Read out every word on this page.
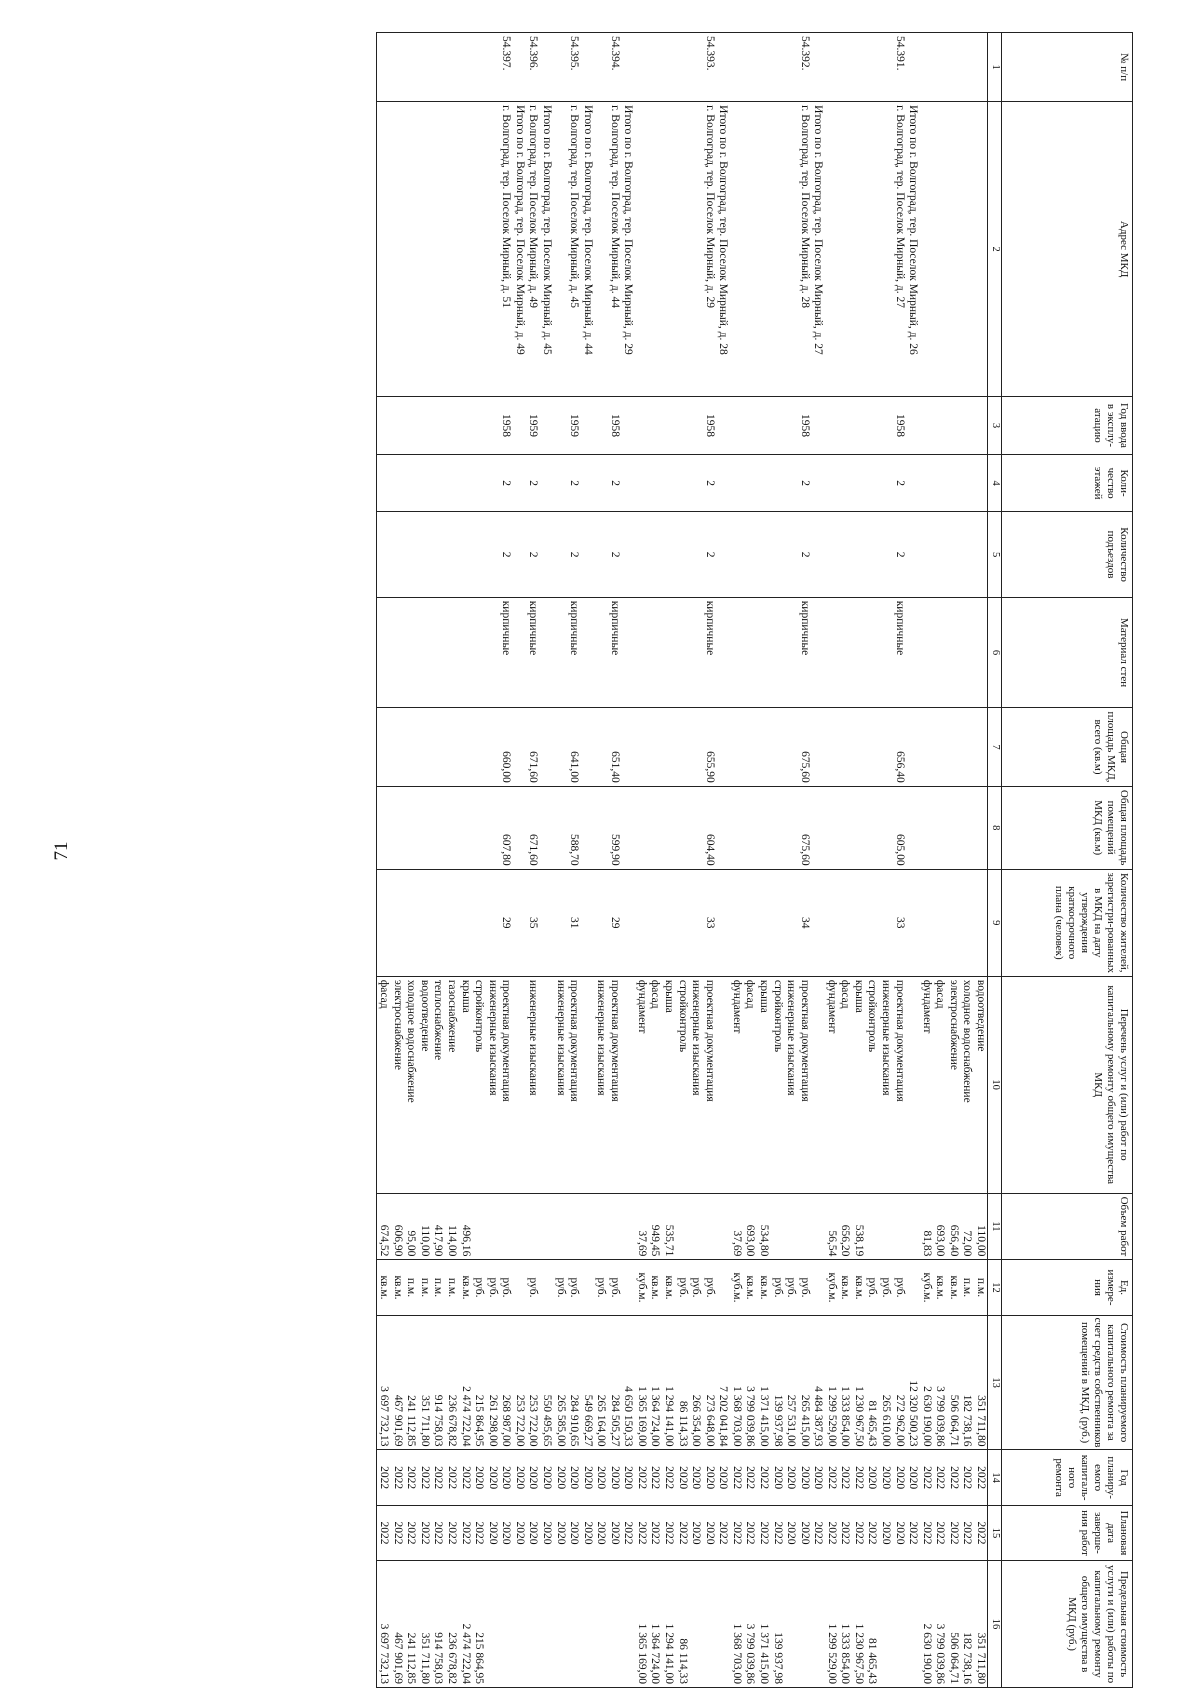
71
№ п/п	Адрес МКД	Год ввода в эксплу-атацию	Коли-чество этажей	Количество подъездов	Материал стен	Общая площадь МКД, всего (кв.м)	Общая площадь помещений МКД (кв.м)	Количество жителей, зарегистри-рованных в МКД на дату утверждения краткосрочного плана (человек)	Перечень услуг и (или) работ по капитальному ремонту общего имущества МКД	Объем работ	Ед. измере-ния	Стоимость планируемого капитального ремонта за счет средств собственников помещений в МКД, (руб.)	Год планиру-емого капиталь-ного ремонта	Плановая дата заверше-ния работ	Предельная стоимость услуги и (или) работы по капитальному ремонту общего имущества в МКД (руб.)
1	2	3	4	5	6	7	8	9	10	11	12	13	14	15	16
									водоотведение	110,00	п.м.	351 711,80	2022	2022	351 711,80
									холодное водоснабжение	72,00	п.м.	182 738,16	2022	2022	182 738,16
									электроснабжение	656,40	кв.м.	506 064,71	2022	2022	506 064,71
									фасад	693,00	кв.м.	3 799 039,86	2022	2022	3 799 039,86
									фундамент	81,83	куб.м.	2 630 190,00	2022	2022	2 630 190,00
	Итого по г. Волгоград, тер. Поселок Мирный, д. 26											12 320 500,23	2020	2022	
54.391.	г. Волгоград, тер. Поселок Мирный, д. 27	1958	2	2	кирпичные	656,40	605,00	33	проектная документация		руб.	272 962,00	2020	2020	
									инженерные изыскания		руб.	265 610,00	2020	2020	
									стройконтроль		руб.	81 465,43	2020	2022	81 465,43
									крыша	538,19	кв.м.	1 230 967,50	2022	2022	1 230 967,50
									фасад	656,20	кв.м.	1 333 854,00	2022	2022	1 333 854,00
									фундамент	56,54	куб.м.	1 299 529,00	2022	2022	1 299 529,00
	Итого по г. Волгоград, тер. Поселок Мирный, д. 27											4 484 387,93	2020	2022	
54.392.	г. Волгоград, тер. Поселок Мирный, д. 28	1958	2	2	кирпичные	675,60	675,60	34	проектная документация		руб.	265 415,00	2020	2020	
									инженерные изыскания		руб.	257 531,00	2020	2020	
									стройконтроль		руб.	139 937,98	2020	2022	139 937,98
									крыша	534,80	кв.м.	1 371 415,00	2022	2022	1 371 415,00
									фасад	693,00	кв.м.	3 799 039,86	2022	2022	3 799 039,86
									фундамент	37,69	куб.м.	1 368 703,00	2022	2022	1 368 703,00
	Итого по г. Волгоград, тер. Поселок Мирный, д. 28											7 202 041,84	2020	2022	
54.393.	г. Волгоград, тер. Поселок Мирный, д. 29	1958	2	2	кирпичные	655,90	604,40	33	проектная документация		руб.	273 648,00	2020	2020	
									инженерные изыскания		руб.	266 354,00	2020	2020	
									стройконтроль		руб.	86 114,33	2020	2022	86 114,33
									крыша	535,71	кв.м.	1 294 141,00	2022	2022	1 294 141,00
									фасад	949,45	кв.м.	1 364 724,00	2022	2022	1 364 724,00
									фундамент	37,69	куб.м.	1 365 169,00	2022	2022	1 365 169,00
	Итого по г. Волгоград, тер. Поселок Мирный, д. 29											4 650 150,33	2020	2022	
54.394.	г. Волгоград, тер. Поселок Мирный, д. 44	1958	2	2	кирпичные	651,40	599,90	29	проектная документация		руб.	284 505,27	2020	2020	
									инженерные изыскания		руб.	265 164,00	2020	2020	
	Итого по г. Волгоград, тер. Поселок Мирный, д. 44											549 669,27	2020	2020	
54.395.	г. Волгоград, тер. Поселок Мирный, д. 45	1959	2	2	кирпичные	641,00	588,70	31	проектная документация		руб.	284 910,65	2020	2020	
									инженерные изыскания		руб.	265 585,00	2020	2020	
	Итого по г. Волгоград, тер. Поселок Мирный, д. 45											550 495,65	2020	2020	
54.396.	г. Волгоград, тер. Поселок Мирный, д. 49	1959	2	2	кирпичные	671,60	671,60	35	инженерные изыскания		руб.	253 722,00	2020	2020	
	Итого по г. Волгоград, тер. Поселок Мирный, д. 49											253 722,00	2020	2020	
54.397.	г. Волгоград, тер. Поселок Мирный, д. 51	1958	2	2	кирпичные	660,00	607,80	29	проектная документация		руб.	268 987,00	2020	2020	
									инженерные изыскания		руб.	261 298,00	2020	2020	
									стройконтроль		руб.	215 864,95	2020	2022	215 864,95
									крыша	496,16	кв.м.	2 474 722,04	2022	2022	2 474 722,04
									газоснабжение	114,00	п.м.	236 678,82	2022	2022	236 678,82
									теплоснабжение	417,90	п.м.	914 758,03	2022	2022	914 758,03
									водоотведение	110,00	п.м.	351 711,80	2022	2022	351 711,80
									холодное водоснабжение	95,00	п.м.	241 112,85	2022	2022	241 112,85
									электроснабжение	606,90	кв.м.	467 901,69	2022	2022	467 901,69
									фасад	674,52	кв.м.	3 697 732,13	2022	2022	3 697 732,13
